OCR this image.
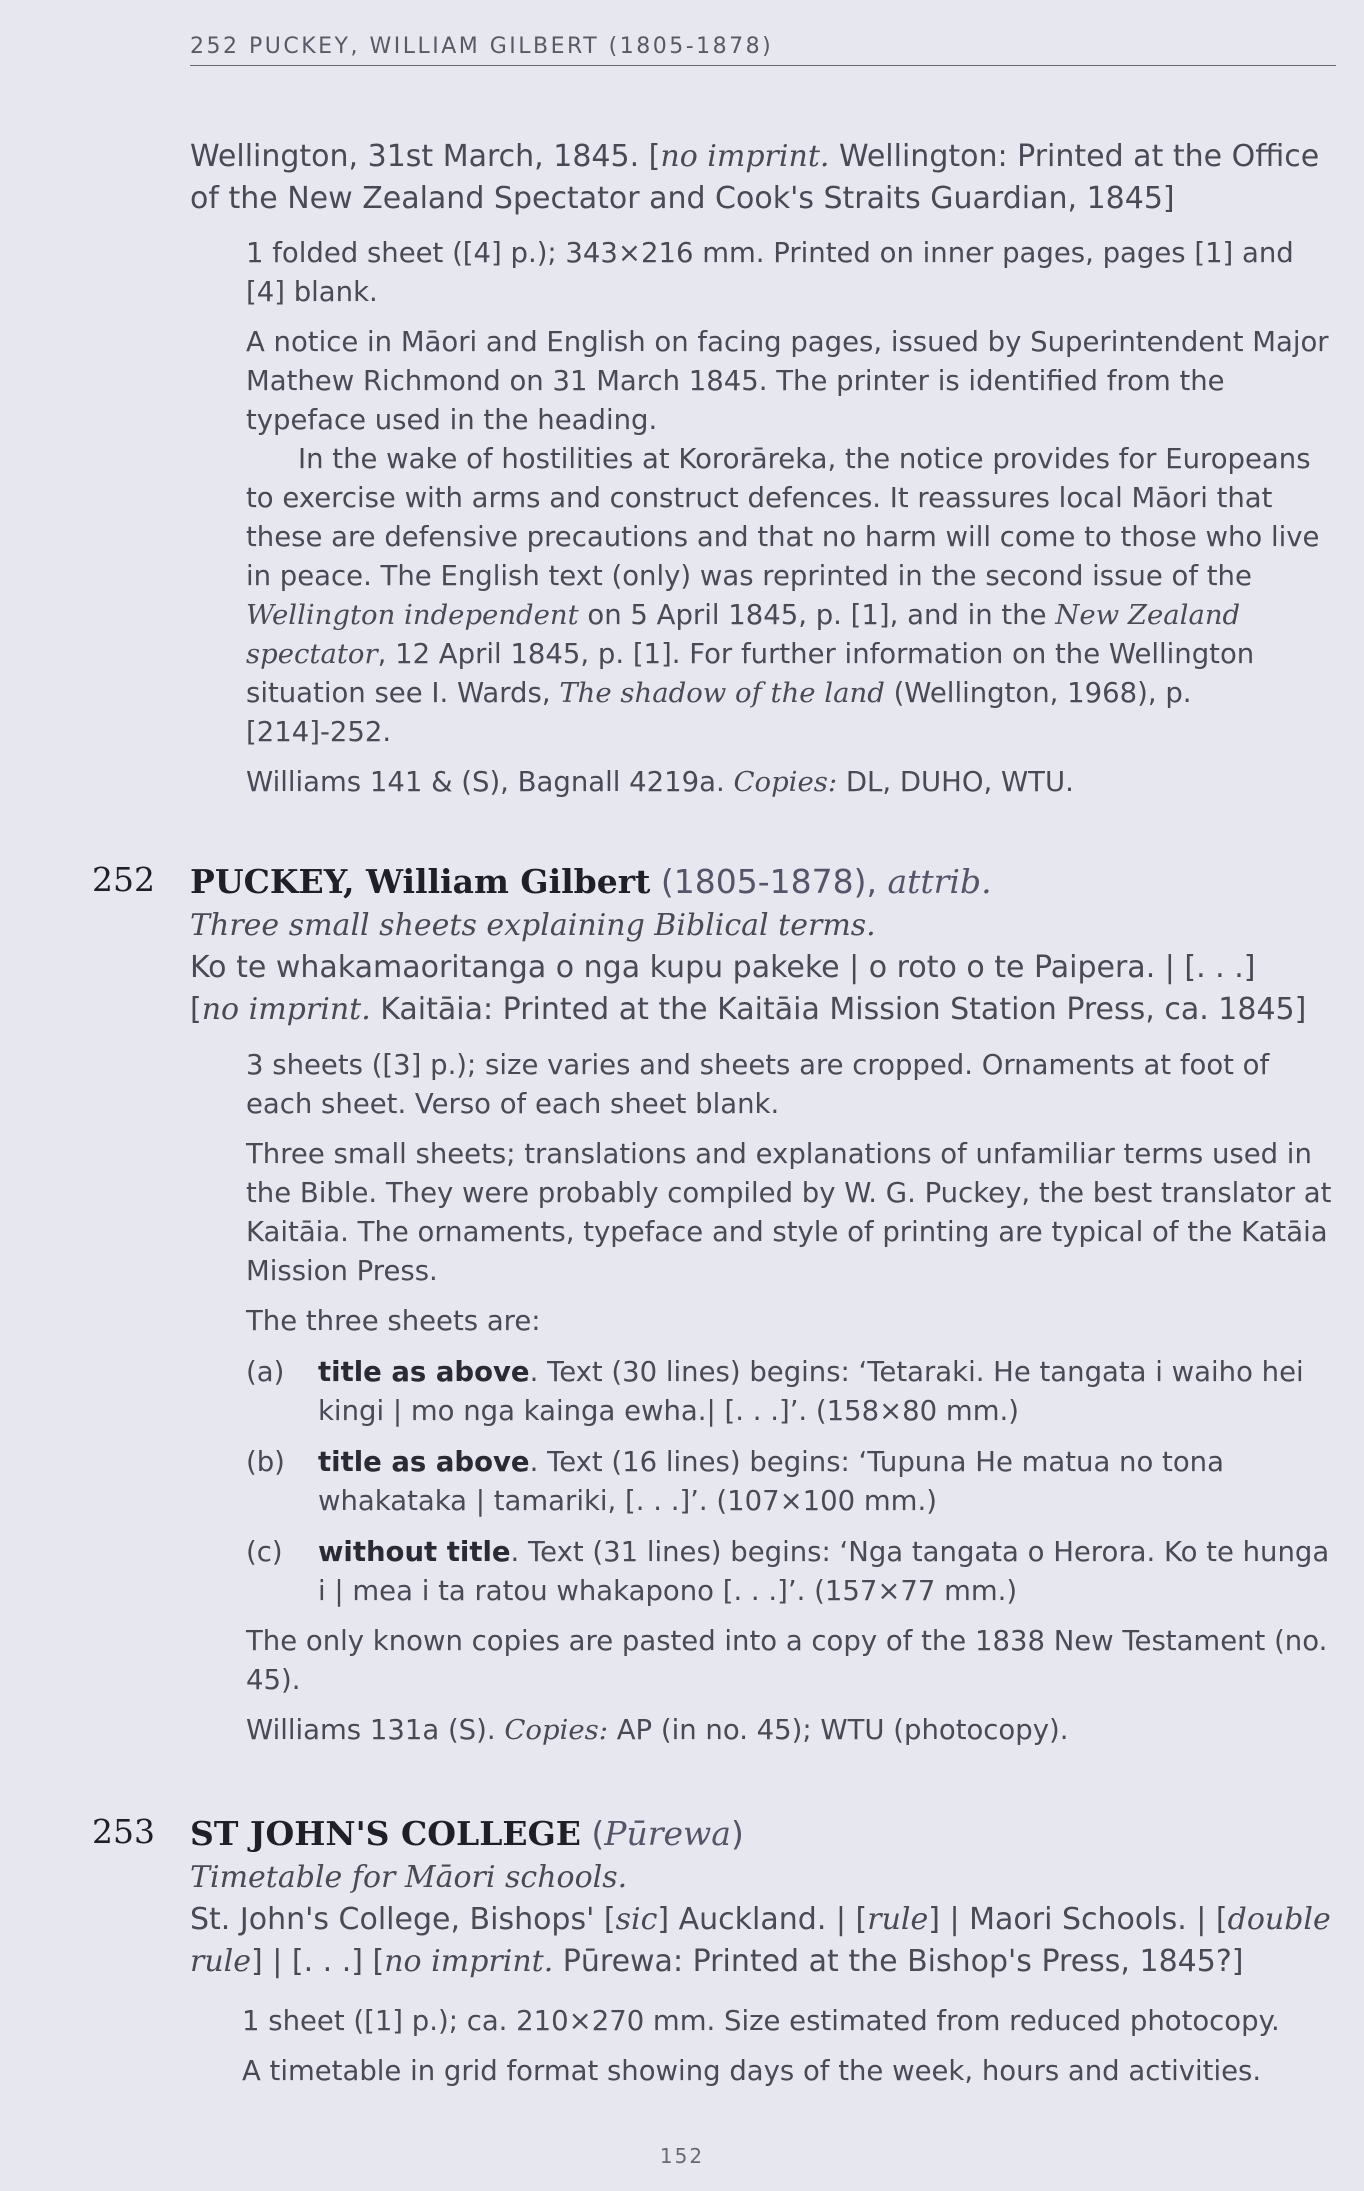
252 PUCKEY, WILLIAM GILBERT (1805-1878)

Wellington, 31st March, 1845. [no imprint. Wellington: Printed at the Office of the New Zealand Spectator and Cook's Straits Guardian, 1845]

1 folded sheet ([4] p.); 343×216 mm. Printed on inner pages, pages [1] and [4] blank.

A notice in Māori and English on facing pages, issued by Superintendent Major Mathew Richmond on 31 March 1845. The printer is identified from the typeface used in the heading.

In the wake of hostilities at Kororāreka, the notice provides for Europeans to exercise with arms and construct defences. It reassures local Māori that these are defensive precautions and that no harm will come to those who live in peace. The English text (only) was reprinted in the second issue of the Wellington independent on 5 April 1845, p. [1], and in the New Zealand spectator, 12 April 1845, p. [1]. For further information on the Wellington situation see I. Wards, The shadow of the land (Wellington, 1968), p. [214]-252.

Williams 141 & (S), Bagnall 4219a. Copies: DL, DUHO, WTU.

252 PUCKEY, William Gilbert (1805-1878), attrib.

Three small sheets explaining Biblical terms.

Ko te whakamaoritanga o nga kupu pakeke | o roto o te Paipera. | [. . .]

[no imprint. Kaitāia: Printed at the Kaitāia Mission Station Press, ca. 1845]

3 sheets ([3] p.); size varies and sheets are cropped. Ornaments at foot of each sheet. Verso of each sheet blank.

Three small sheets; translations and explanations of unfamiliar terms used in the Bible. They were probably compiled by W. G. Puckey, the best translator at Kaitāia. The ornaments, typeface and style of printing are typical of the Katāia Mission Press.

The three sheets are:

(a)	title as above. Text (30 lines) begins: ‘Tetaraki. He tangata i waiho hei kingi | mo nga kainga ewha.| [. . .]’. (158×80 mm.)
(b)	title as above. Text (16 lines) begins: ‘Tupuna He matua no tona whakataka | tamariki, [. . .]’. (107×100 mm.)
(c)	without title. Text (31 lines) begins: ‘Nga tangata o Herora. Ko te hunga i | mea i ta ratou whakapono [. . .]’. (157×77 mm.)

The only known copies are pasted into a copy of the 1838 New Testament (no. 45).

Williams 131a (S). Copies: AP (in no. 45); WTU (photocopy).

253 ST JOHN'S COLLEGE (Pūrewa)

Timetable for Māori schools.

St. John's College, Bishops' [sic] Auckland. | [rule] | Maori Schools. | [double rule] | [. . .] [no imprint. Pūrewa: Printed at the Bishop's Press, 1845?]

1 sheet ([1] p.); ca. 210×270 mm. Size estimated from reduced photocopy.

A timetable in grid format showing days of the week, hours and activities.

152
